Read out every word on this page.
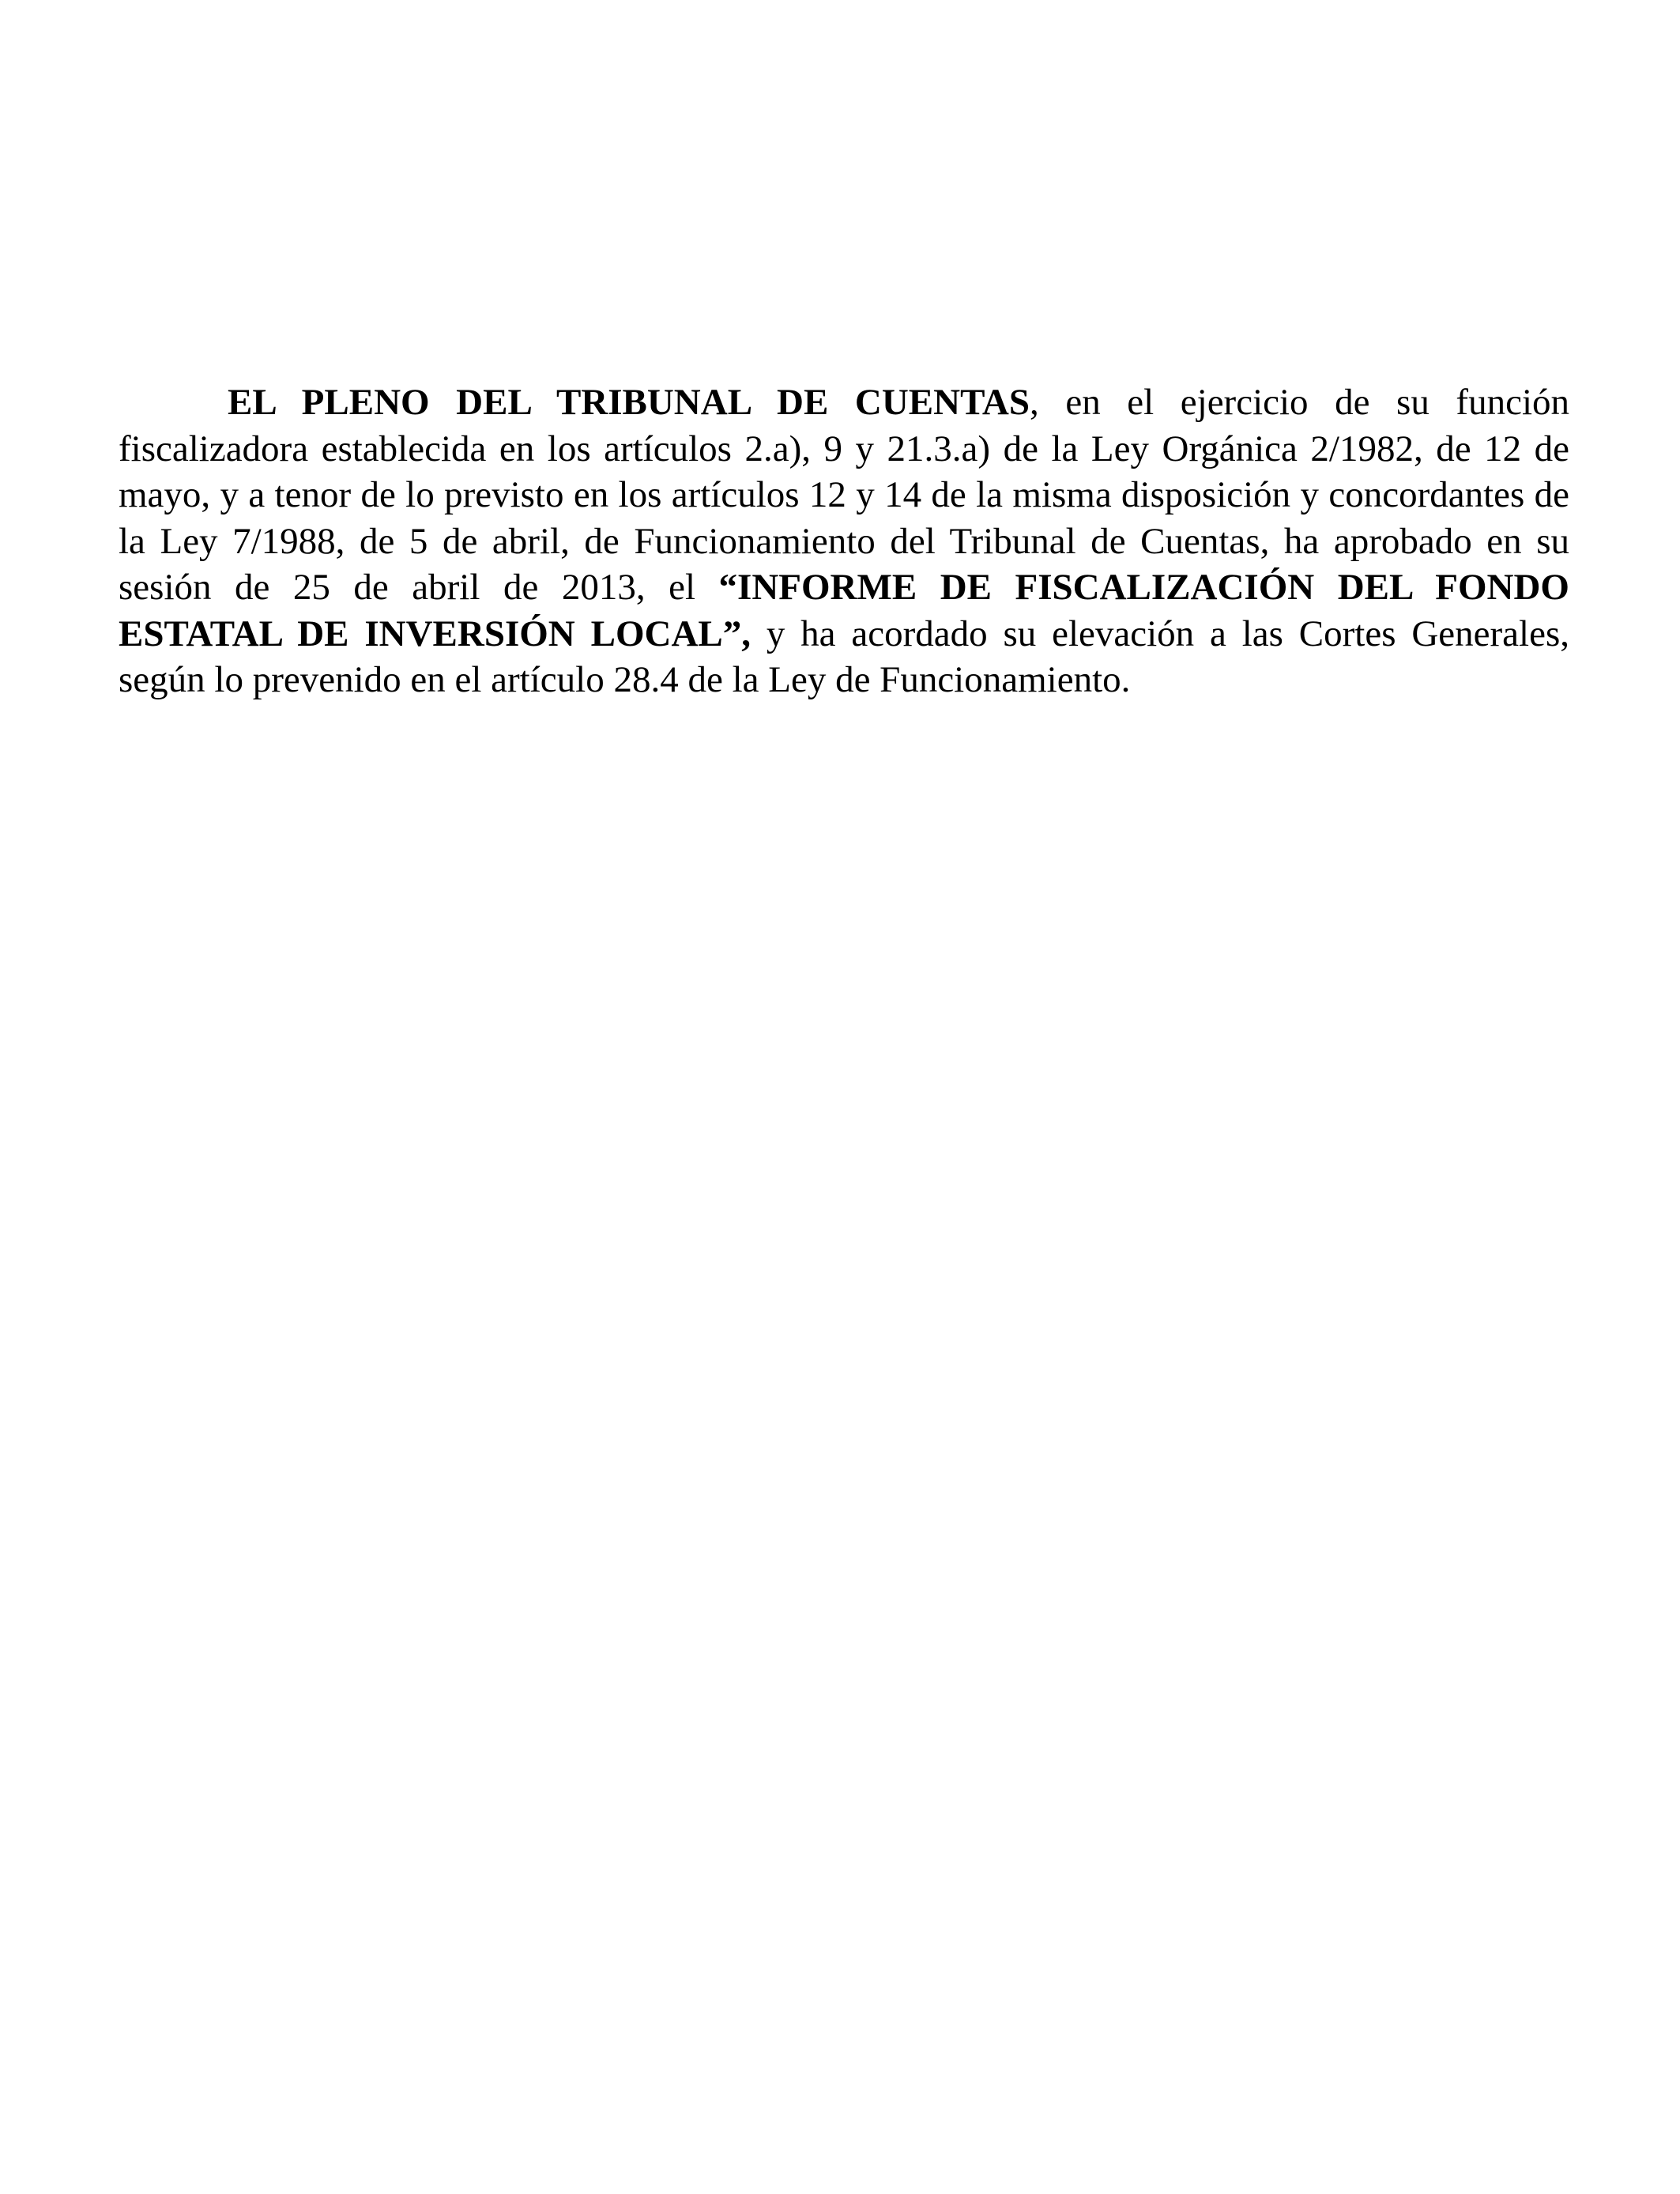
EL PLENO DEL TRIBUNAL DE CUENTAS, en el ejercicio de su función fiscalizadora establecida en los artículos 2.a), 9 y 21.3.a) de la Ley Orgánica 2/1982, de 12 de mayo, y a tenor de lo previsto en los artículos 12 y 14 de la misma disposición y concordantes de la Ley 7/1988, de 5 de abril, de Funcionamiento del Tribunal de Cuentas, ha aprobado en su sesión de 25 de abril de 2013, el “INFORME DE FISCALIZACIÓN DEL FONDO ESTATAL DE INVERSIÓN LOCAL”, y ha acordado su elevación a las Cortes Generales, según lo prevenido en el artículo 28.4 de la Ley de Funcionamiento.
